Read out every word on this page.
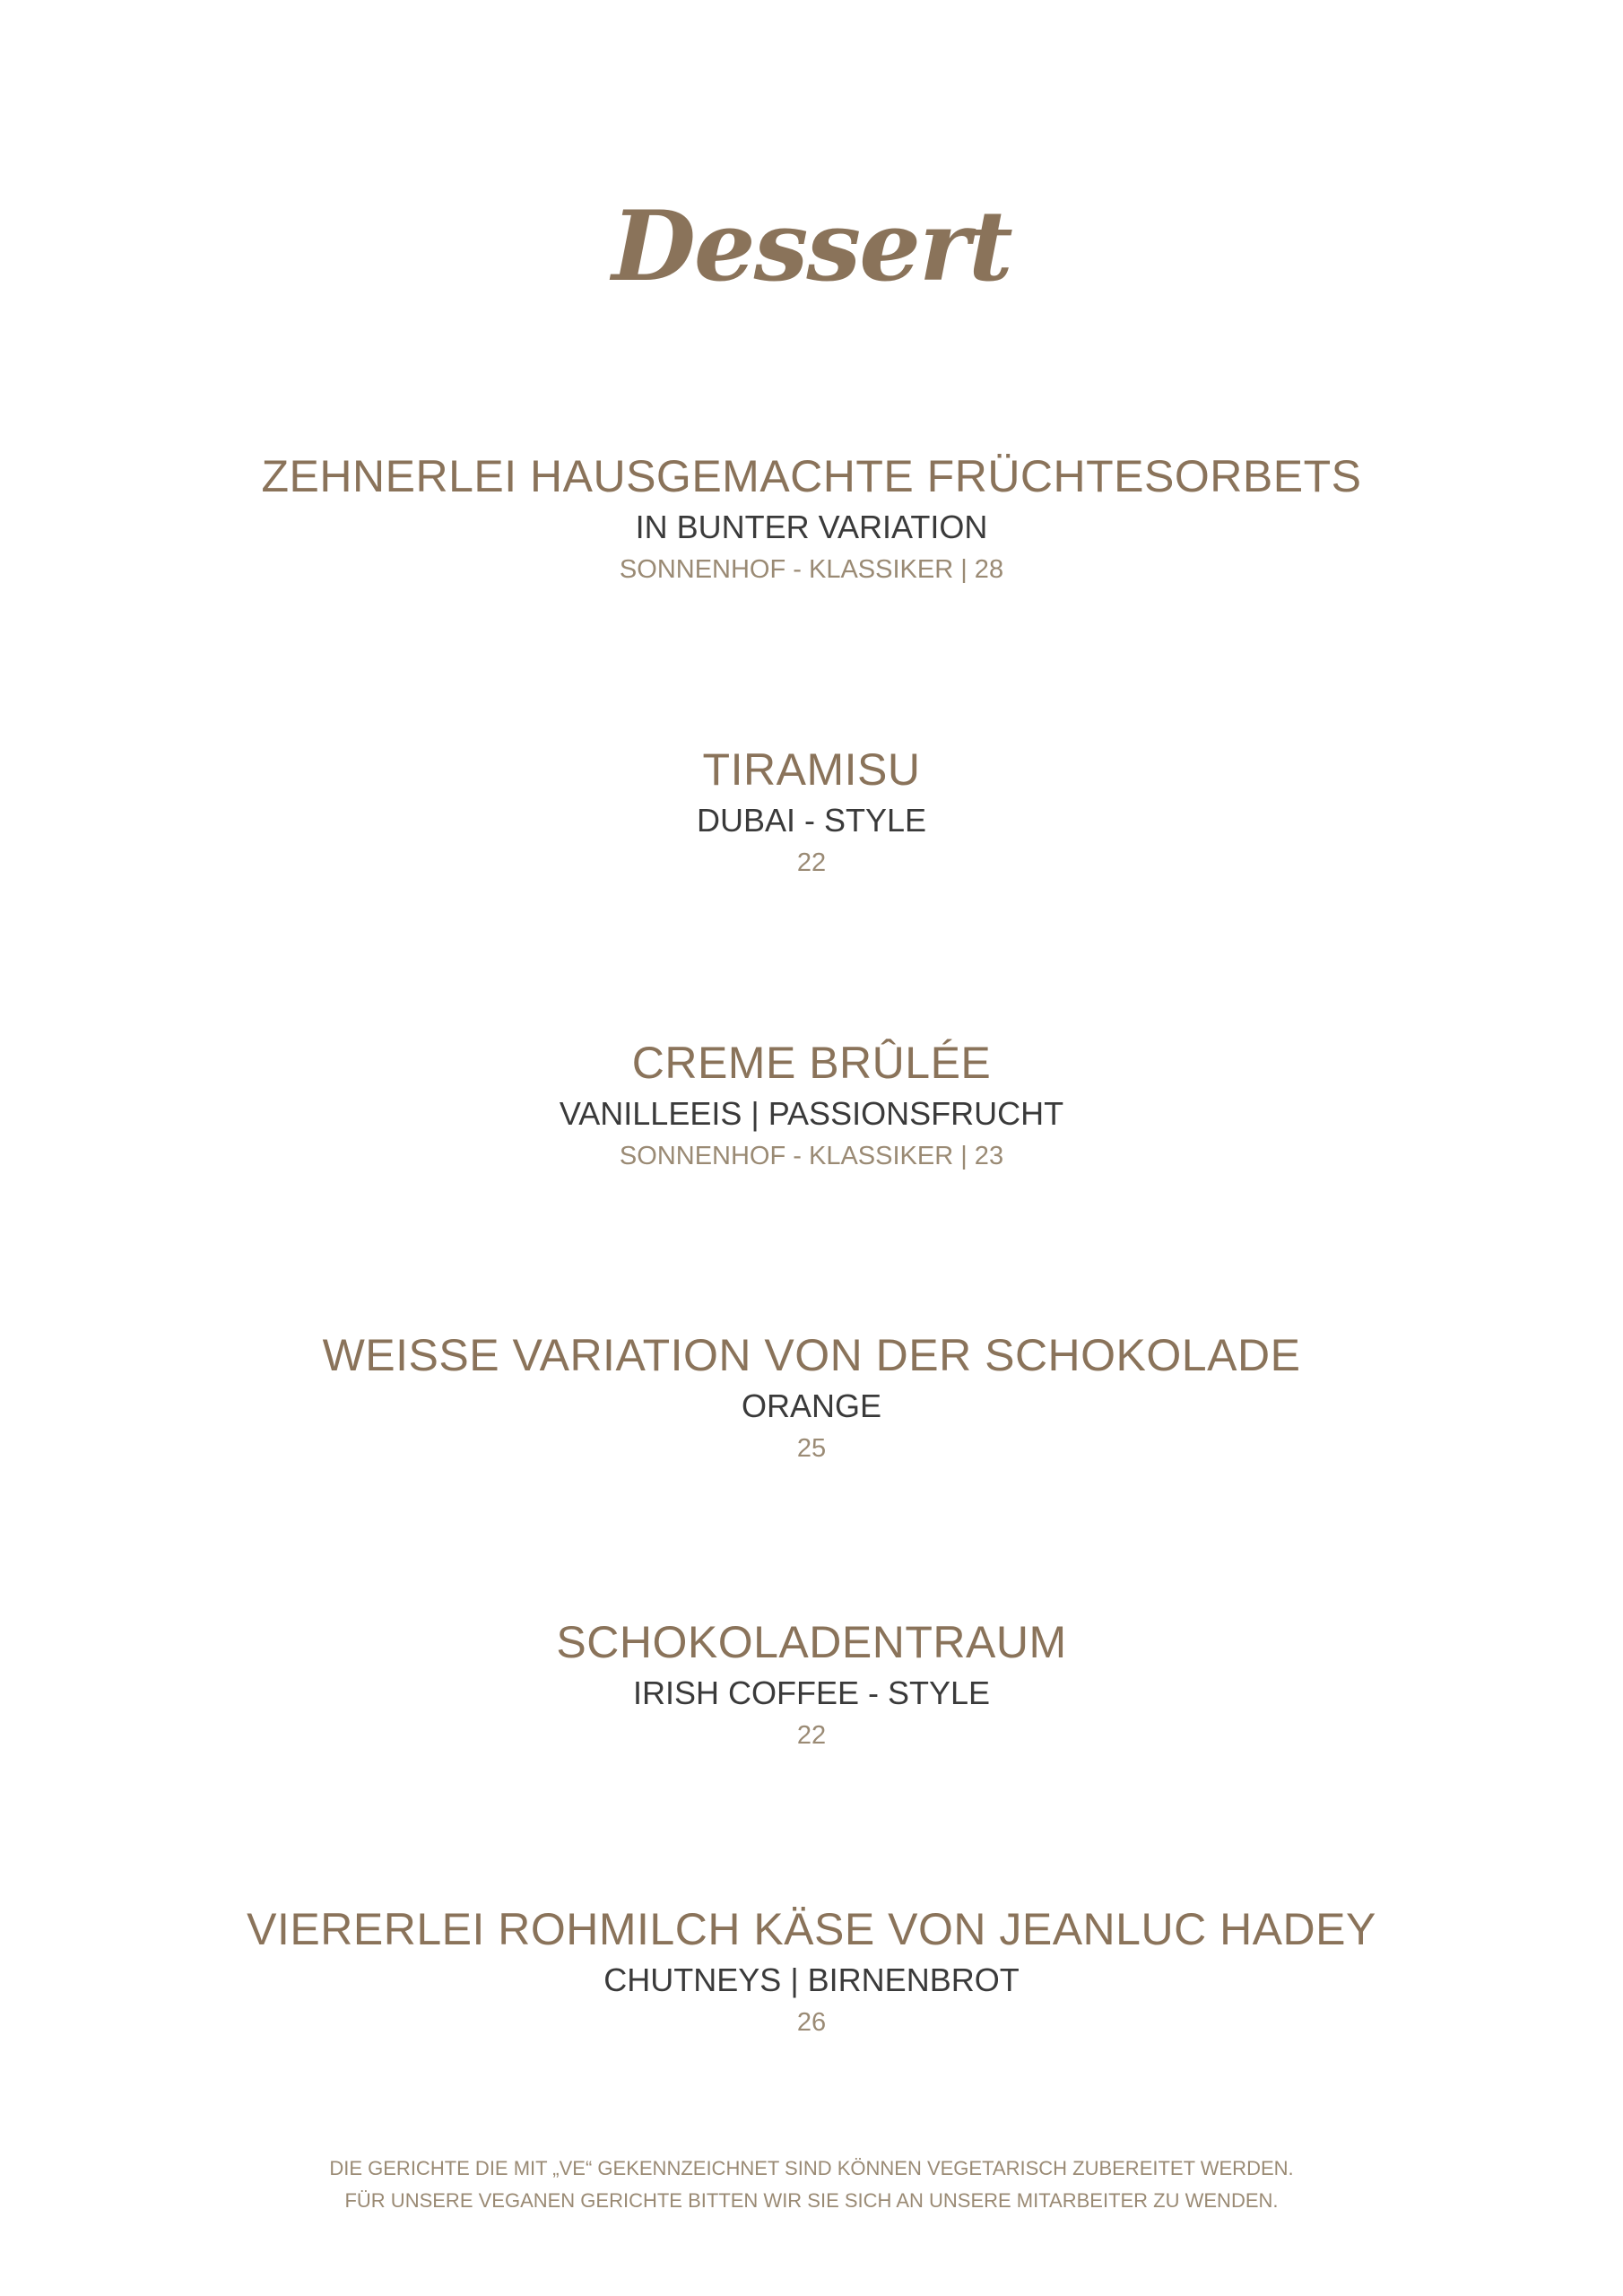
Dessert
ZEHNERLEI HAUSGEMACHTE FRÜCHTESORBETS
IN BUNTER VARIATION
SONNENHOF - KLASSIKER | 28
TIRAMISU
DUBAI - STYLE
22
CREME BRÛLÉE
VANILLEEIS | PASSIONSFRUCHT
SONNENHOF - KLASSIKER | 23
WEISSE VARIATION VON DER SCHOKOLADE
ORANGE
25
SCHOKOLADENTRAUM
IRISH COFFEE - STYLE
22
VIERERLEI ROHMILCH KÄSE VON JEANLUC HADEY
CHUTNEYS | BIRNENBROT
26
DIE GERICHTE DIE MIT „VE“ GEKENNZEICHNET SIND KÖNNEN VEGETARISCH ZUBEREITET WERDEN.
FÜR UNSERE VEGANEN GERICHTE BITTEN WIR SIE SICH AN UNSERE MITARBEITER ZU WENDEN.
